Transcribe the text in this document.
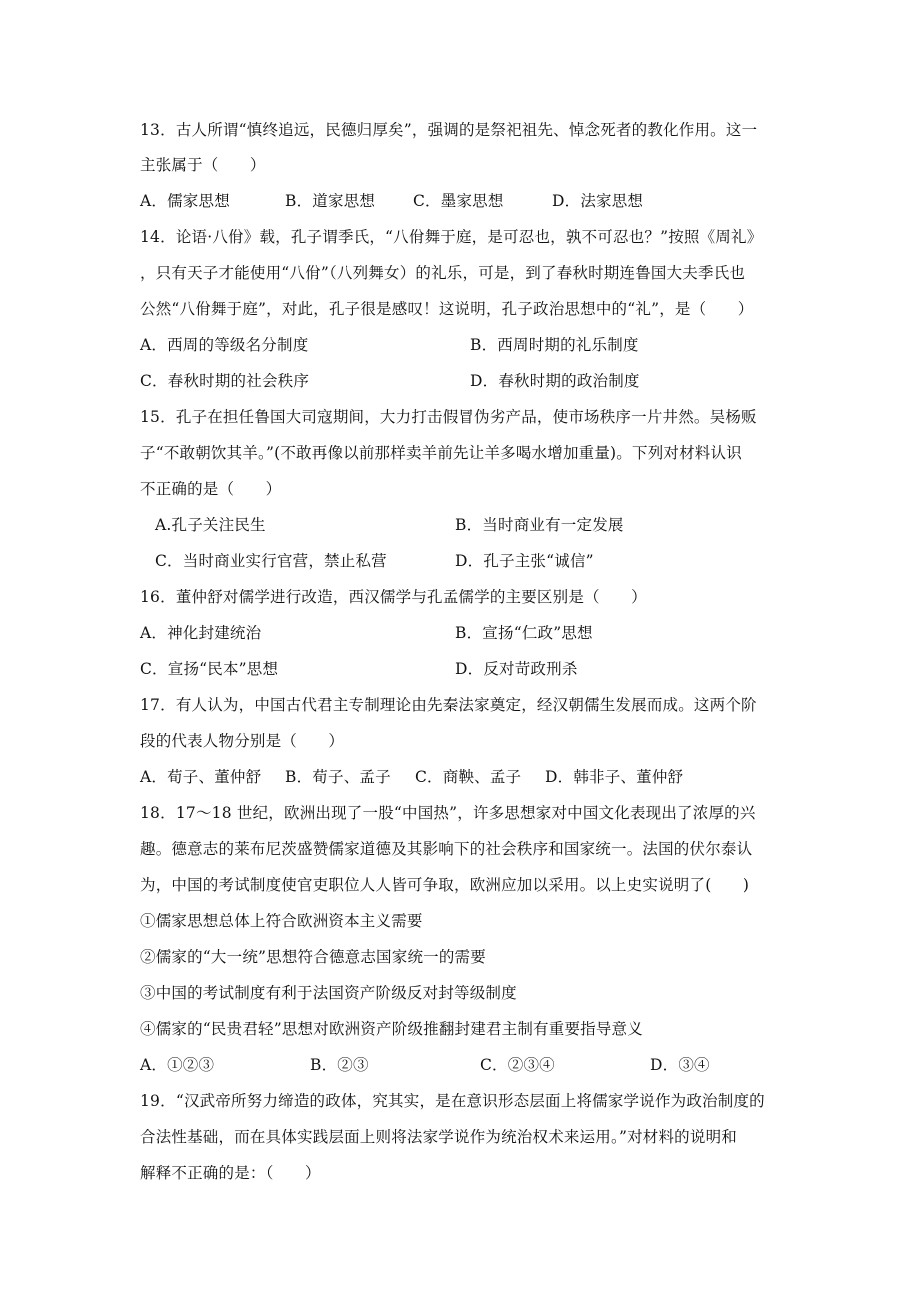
13．古人所谓“慎终追远，民德归厚矣”，强调的是祭祀祖先、悼念死者的教化作用。这一
主张属于（　　）
A．儒家思想	B．道家思想 C．墨家思想	D．法家思想
14．论语·八佾》载，孔子谓季氏，“八佾舞于庭，是可忍也，孰不可忍也？”按照《周礼》
，只有天子才能使用“八佾”（八列舞女）的礼乐，可是，到了春秋时期连鲁国大夫季氏也
公然“八佾舞于庭”，对此，孔子很是感叹！这说明，孔子政治思想中的“礼”，是（　　）
A．西周的等级名分制度	B．西周时期的礼乐制度
C．春秋时期的社会秩序	D．春秋时期的政治制度
15．孔子在担任鲁国大司寇期间，大力打击假冒伪劣产品，使市场秩序一片井然。吴杨贩
子“不敢朝饮其羊。”(不敢再像以前那样卖羊前先让羊多喝水增加重量)。下列对材料认识
不正确的是（　　）
A.孔子关注民生	B．当时商业有一定发展
C．当时商业实行官营，禁止私营	D．孔子主张“诚信”
16．董仲舒对儒学进行改造，西汉儒学与孔孟儒学的主要区别是（　　）
A．神化封建统治	B．宣扬“仁政”思想
C．宣扬“民本”思想	D．反对苛政刑杀
17．有人认为，中国古代君主专制理论由先秦法家奠定，经汉朝儒生发展而成。这两个阶
段的代表人物分别是（　　）
A．荀子、董仲舒 B．荀子、孟子 C．商鞅、孟子 D．韩非子、董仲舒
18．17～18 世纪，欧洲出现了一股“中国热”，许多思想家对中国文化表现出了浓厚的兴
趣。德意志的莱布尼茨盛赞儒家道德及其影响下的社会秩序和国家统一。法国的伏尔泰认
为，中国的考试制度使官吏职位人人皆可争取，欧洲应加以采用。以上史实说明了(　　)
①儒家思想总体上符合欧洲资本主义需要
②儒家的“大一统”思想符合德意志国家统一的需要
③中国的考试制度有利于法国资产阶级反对封等级制度
④儒家的“民贵君轻”思想对欧洲资产阶级推翻封建君主制有重要指导意义
A．①②③	B．②③	C．②③④	D．③④
19．“汉武帝所努力缔造的政体，究其实，是在意识形态层面上将儒家学说作为政治制度的
合法性基础，而在具体实践层面上则将法家学说作为统治权术来运用。”对材料的说明和
解释不正确的是：（　　）
